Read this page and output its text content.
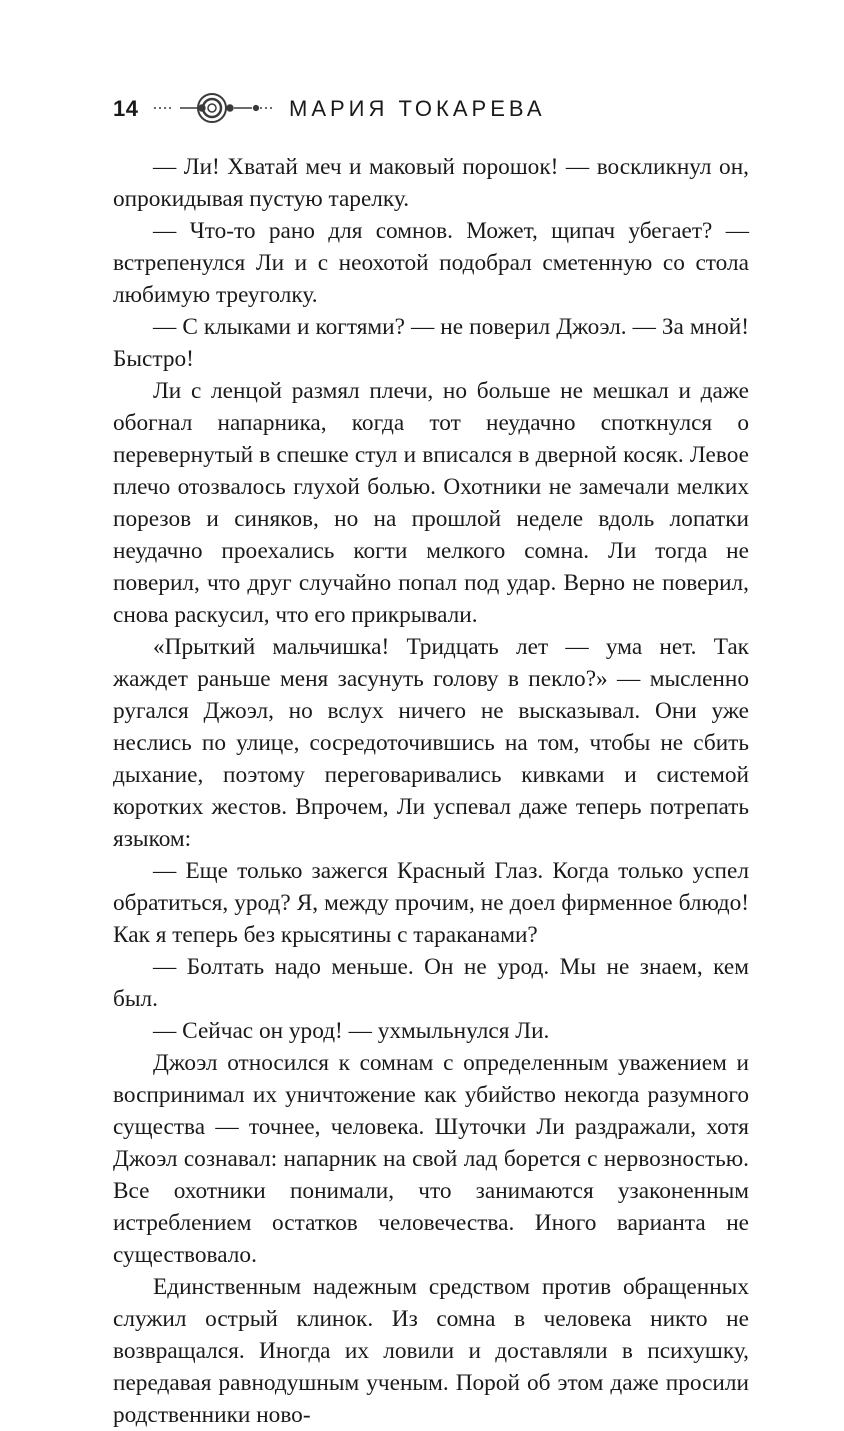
14	МАРИЯ ТОКАРЕВА

— Ли! Хватай меч и маковый порошок! — воскликнул он, опрокидывая пустую тарелку.

— Что-то рано для сомнов. Может, щипач убегает? — встрепенулся Ли и с неохотой подобрал сметенную со стола любимую треуголку.

— С клыками и когтями? — не поверил Джоэл. — За мной! Быстро!

Ли с ленцой размял плечи, но больше не мешкал и даже обогнал напарника, когда тот неудачно споткнулся о перевернутый в спешке стул и вписался в дверной косяк. Левое плечо отозвалось глухой болью. Охотники не замечали мелких порезов и синяков, но на прошлой неделе вдоль лопатки неудачно проехались когти мелкого сомна. Ли тогда не поверил, что друг случайно попал под удар. Верно не поверил, снова раскусил, что его прикрывали.

«Прыткий мальчишка! Тридцать лет — ума нет. Так жаждет раньше меня засунуть голову в пекло?» — мысленно ругался Джоэл, но вслух ничего не высказывал. Они уже неслись по улице, сосредоточившись на том, чтобы не сбить дыхание, поэтому переговаривались кивками и системой коротких жестов. Впрочем, Ли успевал даже теперь потрепать языком:

— Еще только зажегся Красный Глаз. Когда только успел обратиться, урод? Я, между прочим, не доел фирменное блюдо! Как я теперь без крысятины с тараканами?

— Болтать надо меньше. Он не урод. Мы не знаем, кем был.

— Сейчас он урод! — ухмыльнулся Ли.

Джоэл относился к сомнам с определенным уважением и воспринимал их уничтожение как убийство некогда разумного существа — точнее, человека. Шуточки Ли раздражали, хотя Джоэл сознавал: напарник на свой лад борется с нервозностью. Все охотники понимали, что занимаются узаконенным истреблением остатков человечества. Иного варианта не существовало.

Единственным надежным средством против обращенных служил острый клинок. Из сомна в человека никто не возвращался. Иногда их ловили и доставляли в психушку, передавая равнодушным ученым. Порой об этом даже просили родственники ново-
